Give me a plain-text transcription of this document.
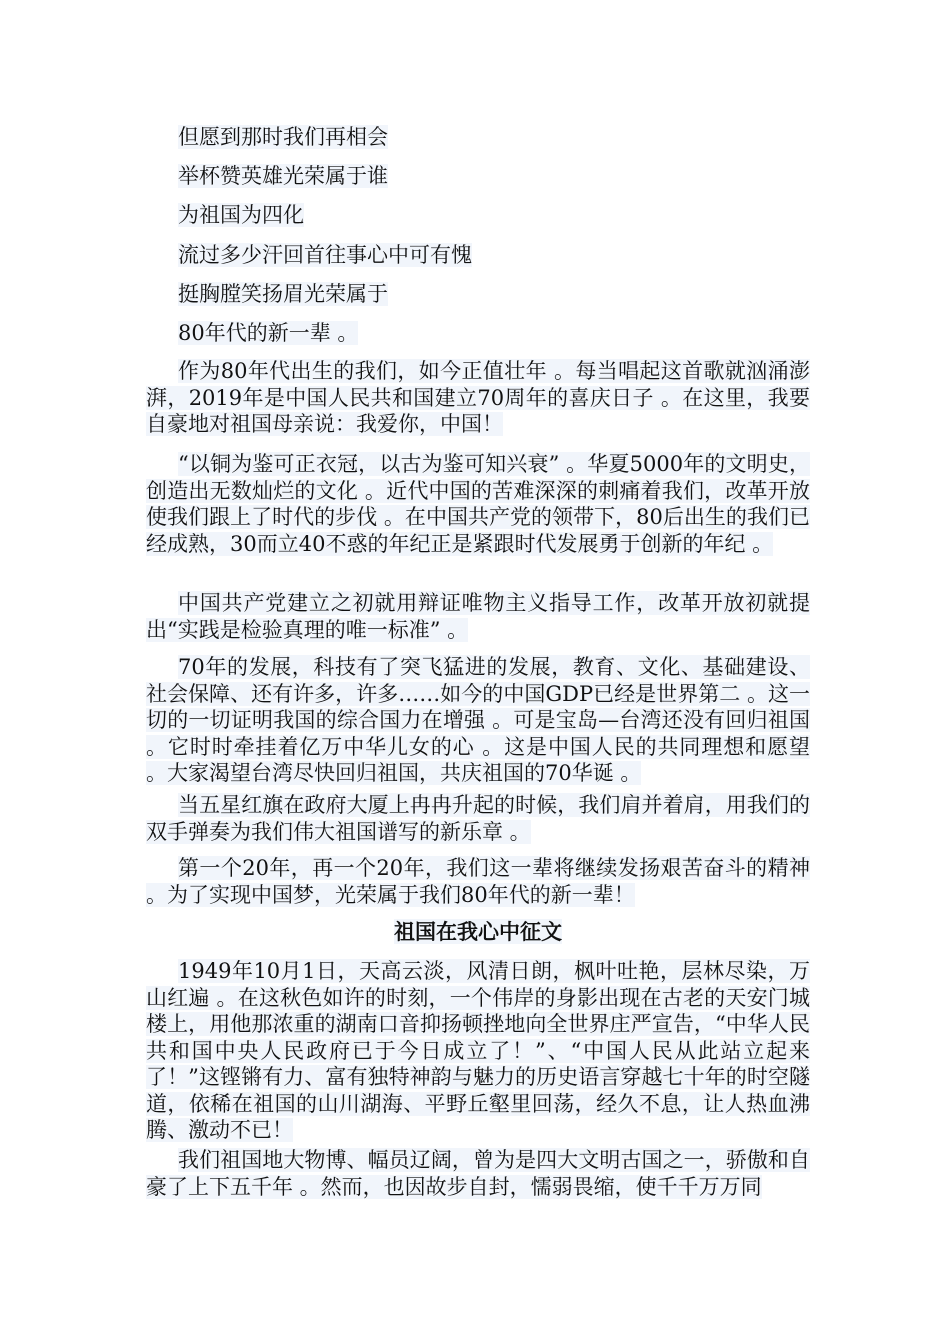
但愿到那时我们再相会
举杯赞英雄光荣属于谁
为祖国为四化
流过多少汗回首往事心中可有愧
挺胸膛笑扬眉光荣属于
80年代的新一辈 。

作为80年代出生的我们，如今正值壮年 。每当唱起这首歌就汹涌澎湃，2019年是中国人民共和国建立70周年的喜庆日子 。在这里，我要自豪地对祖国母亲说：我爱你，中国！

“以铜为鉴可正衣冠，以古为鉴可知兴衰” 。华夏5000年的文明史，创造出无数灿烂的文化 。近代中国的苦难深深的刺痛着我们，改革开放使我们跟上了时代的步伐 。在中国共产党的领带下，80后出生的我们已经成熟，30而立40不惑的年纪正是紧跟时代发展勇于创新的年纪 。

中国共产党建立之初就用辩证唯物主义指导工作，改革开放初就提出“实践是检验真理的唯一标准” 。

70年的发展，科技有了突飞猛进的发展，教育、文化、基础建设、社会保障、还有许多，许多……如今的中国GDP已经是世界第二 。这一切的一切证明我国的综合国力在增强 。可是宝岛—台湾还没有回归祖国 。它时时牵挂着亿万中华儿女的心 。这是中国人民的共同理想和愿望 。大家渴望台湾尽快回归祖国，共庆祖国的70华诞 。

当五星红旗在政府大厦上冉冉升起的时候，我们肩并着肩，用我们的双手弹奏为我们伟大祖国谱写的新乐章 。

第一个20年，再一个20年，我们这一辈将继续发扬艰苦奋斗的精神 。为了实现中国梦，光荣属于我们80年代的新一辈！

祖国在我心中征文

1949年10月1日，天高云淡，风清日朗，枫叶吐艳，层林尽染，万山红遍 。在这秋色如许的时刻，一个伟岸的身影出现在古老的天安门城楼上，用他那浓重的湖南口音抑扬顿挫地向全世界庄严宣告，“中华人民共和国中央人民政府已于今日成立了！”、“中国人民从此站立起来了！”这铿锵有力、富有独特神韵与魅力的历史语言穿越七十年的时空隧道，依稀在祖国的山川湖海、平野丘壑里回荡，经久不息，让人热血沸腾、激动不已！

我们祖国地大物博、幅员辽阔，曾为是四大文明古国之一，骄傲和自豪了上下五千年 。然而，也因故步自封，懦弱畏缩，使千千万万同
